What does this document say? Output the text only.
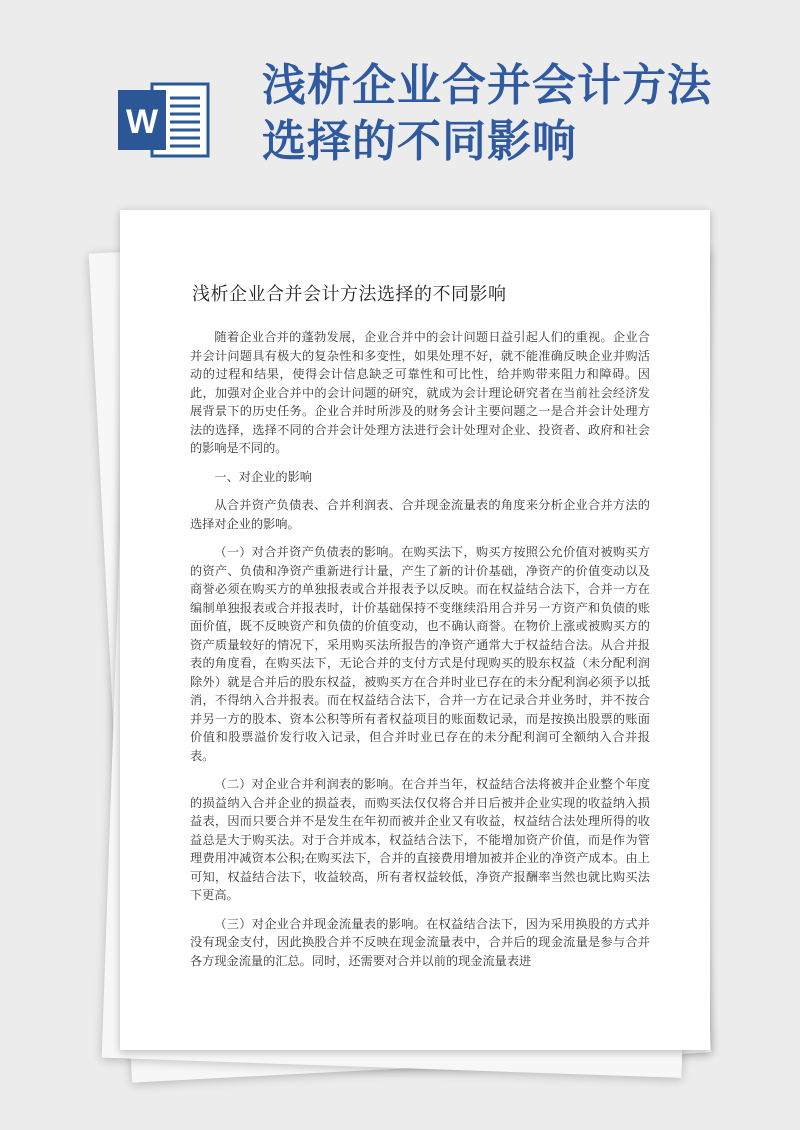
W
浅析企业合并会计方法
选择的不同影响
浅析企业合并会计方法选择的不同影响

随着企业合并的蓬勃发展，企业合并中的会计问题日益引起人们的重视。企业合并会计问题具有极大的复杂性和多变性，如果处理不好，就不能准确反映企业并购活动的过程和结果，使得会计信息缺乏可靠性和可比性，给并购带来阻力和障碍。因此，加强对企业合并中的会计问题的研究，就成为会计理论研究者在当前社会经济发展背景下的历史任务。企业合并时所涉及的财务会计主要问题之一是合并会计处理方法的选择，选择不同的合并会计处理方法进行会计处理对企业、投资者、政府和社会的影响是不同的。

一、对企业的影响

从合并资产负债表、合并利润表、合并现金流量表的角度来分析企业合并方法的选择对企业的影响。

（一）对合并资产负债表的影响。在购买法下，购买方按照公允价值对被购买方的资产、负债和净资产重新进行计量，产生了新的计价基础，净资产的价值变动以及商誉必须在购买方的单独报表或合并报表予以反映。而在权益结合法下，合并一方在编制单独报表或合并报表时，计价基础保持不变继续沿用合并另一方资产和负债的账面价值，既不反映资产和负债的价值变动，也不确认商誉。在物价上涨或被购买方的资产质量较好的情况下，采用购买法所报告的净资产通常大于权益结合法。从合并报表的角度看，在购买法下，无论合并的支付方式是付现购买的股东权益（未分配利润除外）就是合并后的股东权益，被购买方在合并时业已存在的未分配利润必须予以抵消，不得纳入合并报表。而在权益结合法下，合并一方在记录合并业务时，并不按合并另一方的股本、资本公积等所有者权益项目的账面数记录，而是按换出股票的账面价值和股票溢价发行收入记录，但合并时业已存在的未分配利润可全额纳入合并报表。

（二）对企业合并利润表的影响。在合并当年，权益结合法将被并企业整个年度的损益纳入合并企业的损益表，而购买法仅仅将合并日后被并企业实现的收益纳入损益表，因而只要合并不是发生在年初而被并企业又有收益，权益结合法处理所得的收益总是大于购买法。对于合并成本，权益结合法下，不能增加资产价值，而是作为管理费用冲减资本公积;在购买法下，合并的直接费用增加被并企业的净资产成本。由上可知，权益结合法下，收益较高，所有者权益较低，净资产报酬率当然也就比购买法下更高。

（三）对企业合并现金流量表的影响。在权益结合法下，因为采用换股的方式并没有现金支付，因此换股合并不反映在现金流量表中，合并后的现金流量是参与合并各方现金流量的汇总。同时，还需要对合并以前的现金流量表进
